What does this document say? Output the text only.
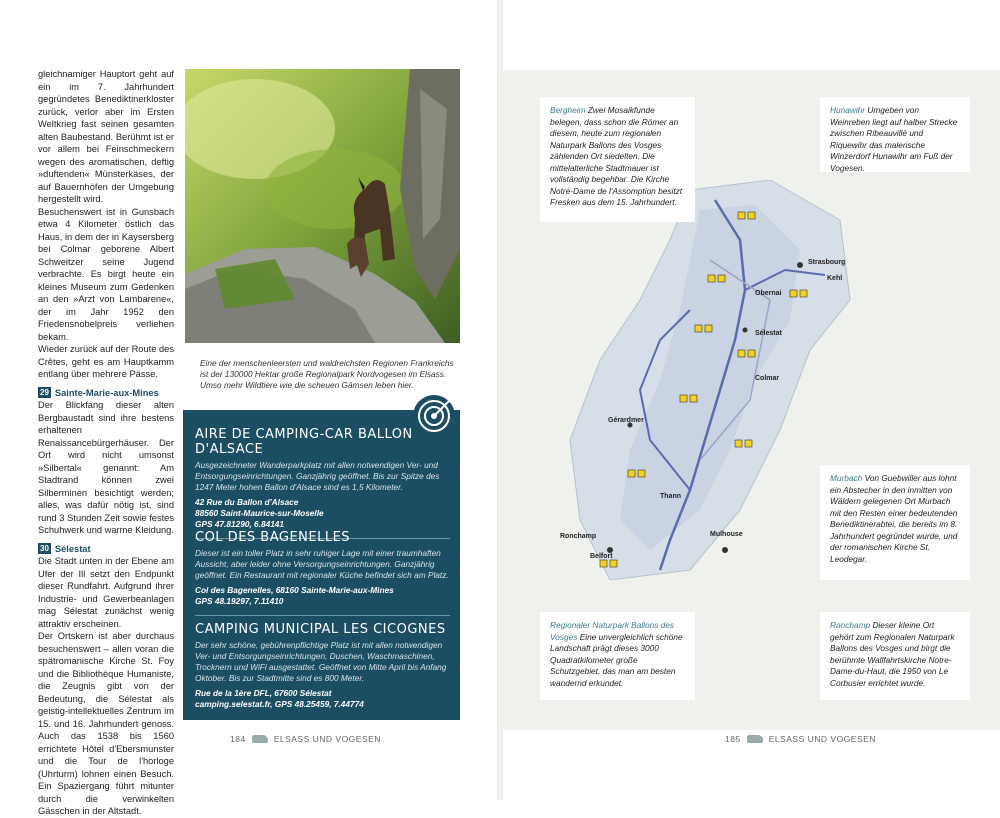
gleichnamiger Hauptort geht auf ein im 7. Jahrhundert gegründetes Benediktinerkloster zurück, verlor aber im Ersten Weltkrieg fast seinen gesamten alten Baubestand. Berühmt ist er vor allem bei Feinschmeckern wegen des aromatischen, deftig »duftenden« Münsterkäses, der auf Bauernhöfen der Umgebung hergestellt wird.

Besuchenswert ist in Gunsbach etwa 4 Kilometer östlich das Haus, in dem der in Kaysersberg bei Colmar geborene Albert Schweitzer seine Jugend verbrachte. Es birgt heute ein kleines Museum zum Gedenken an den »Arzt von Lambarene«, der im Jahr 1952 den Friedensnobelpreis verliehen bekam.

Wieder zurück auf der Route des Crêtes, geht es am Hauptkamm entlang über mehrere Pässe.

29 Sainte-Marie-aux-Mines

Der Blickfang dieser alten Bergbaustadt sind ihre bestens erhaltenen Renaissancebürgerhäuser. Der Ort wird nicht umsonst »Silbertal« genannt: Am Stadtrand können zwei Silberminen besichtigt werden; alles, was dafür nötig ist, sind rund 3 Stunden Zeit sowie festes Schuhwerk und warme Kleidung.

30 Sélestat

Die Stadt unten in der Ebene am Ufer der Ill setzt den Endpunkt dieser Rundfahrt. Aufgrund ihrer Industrie- und Gewerbeanlagen mag Sélestat zunächst wenig attraktiv erscheinen.

Der Ortskern ist aber durchaus besuchenswert – allen voran die spätromanische Kirche St. Foy und die Bibliothèque Humaniste, die Zeugnis gibt von der Bedeutung, die Sélestat als geistig-intellektuelles Zentrum im 15. und 16. Jahrhundert genoss. Auch das 1538 bis 1560 errichtete Hôtel d'Ebersmunster und die Tour de l'horloge (Uhrturm) lohnen einen Besuch. Ein Spaziergang führt mitunter durch die verwinkelten Gässchen in der Altstadt.

Eine der menschenleersten und waldreichsten Regionen Frankreichs ist der 130000 Hektar große Regionalpark Nordvogesen im Elsass. Umso mehr Wildtiere wie die scheuen Gämsen leben hier.

AIRE DE CAMPING-CAR BALLON D'ALSACE

Ausgezeichneter Wanderparkplatz mit allen notwendigen Ver- und Entsorgungseinrichtungen. Ganzjährig geöffnet. Bis zur Spitze des 1247 Meter hohen Ballon d'Alsace sind es 1,5 Kilometer.

42 Rue du Ballon d'Alsace
88560 Saint-Maurice-sur-Moselle
GPS 47.81290, 6.84141

COL DES BAGENELLES

Dieser ist ein toller Platz in sehr ruhiger Lage mit einer traumhaften Aussicht, aber leider ohne Versorgungseinrichtungen. Ganzjährig geöffnet. Ein Restaurant mit regionaler Küche befindet sich am Platz.

Col des Bagenelles, 68160 Sainte-Marie-aux-Mines
GPS 48.19297, 7.11410

CAMPING MUNICIPAL LES CICOGNES

Der sehr schöne, gebührenpflichtige Platz ist mit allen notwendigen Ver- und Entsorgungseinrichtungen, Duschen, Waschmaschinen, Trocknern und WiFi ausgestattet. Geöffnet von Mitte April bis Anfang Oktober. Bis zur Stadtmitte sind es 800 Meter.

Rue de la 1ère DFL, 67600 Sélestat
camping.selestat.fr, GPS 48.25459, 7.44774

184	ELSASS UND VOGESEN
Strasbourg
Kehl
Mulhouse
Belfort
Gérardmer
Colmar
Sélestat
Ronchamp
Obernai
Thann
Bergheim Zwei Mosaikfunde belegen, dass schon die Römer an diesem, heute zum regionalen Naturpark Ballons des Vosges zählenden Ort siedelten. Die mittelalterliche Stadtmauer ist vollständig begehbar. Die Kirche Notre-Dame de l'Assomption besitzt Fresken aus dem 15. Jahrhundert.
Hunawihr Umgeben von Weinreben liegt auf halber Strecke zwischen Ribeauvillé und Riquewihr das malerische Winzerdorf Hunawihr am Fuß der Vogesen.
Murbach Von Guebwiller aus lohnt ein Abstecher in den inmitten von Wäldern gelegenen Ort Murbach mit den Resten einer bedeutenden Benediktinerabtei, die bereits im 8. Jahrhundert gegründet wurde, und der romanischen Kirche St. Leodegar.
Regionaler Naturpark Ballons des Vosges Eine unvergleichlich schöne Landschaft prägt dieses 3000 Quadratkilometer große Schutzgebiet, das man am besten wandernd erkundet.
Ronchamp Dieser kleine Ort gehört zum Regionalen Naturpark Ballons des Vosges und birgt die berühmte Wallfahrtskirche Notre-Dame-du-Haut, die 1950 von Le Corbusier errichtet wurde.
185	ELSASS UND VOGESEN
